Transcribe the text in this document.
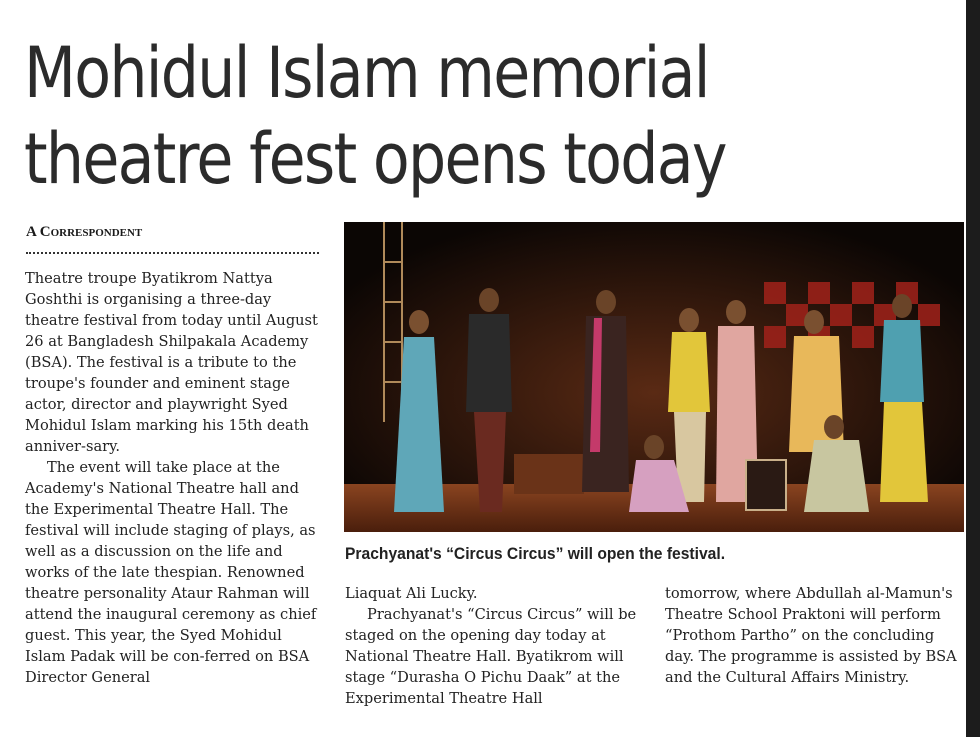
Mohidul Islam memorial theatre fest opens today
A Correspondent

Theatre troupe Byatikrom Nattya Goshthi is organising a three-day theatre festival from today until August 26 at Bangladesh Shilpakala Academy (BSA). The festival is a tribute to the troupe's founder and eminent stage actor, director and playwright Syed Mohidul Islam marking his 15th death anniver-sary.

The event will take place at the Academy's National Theatre hall and the Experimental Theatre Hall. The festival will include staging of plays, as well as a discussion on the life and works of the late thespian. Renowned theatre personality Ataur Rahman will attend the inaugural ceremony as chief guest. This year, the Syed Mohidul Islam Padak will be con-ferred on BSA Director General

Prachyanat's “Circus Circus” will open the festival.

Liaquat Ali Lucky.

Prachyanat's “Circus Circus” will be staged on the opening day today at National Theatre Hall. Byatikrom will stage “Durasha O Pichu Daak” at the Experimental Theatre Hall

tomorrow, where Abdullah al-Mamun's Theatre School Praktoni will perform “Prothom Partho” on the concluding day. The programme is assisted by BSA and the Cultural Affairs Ministry.
